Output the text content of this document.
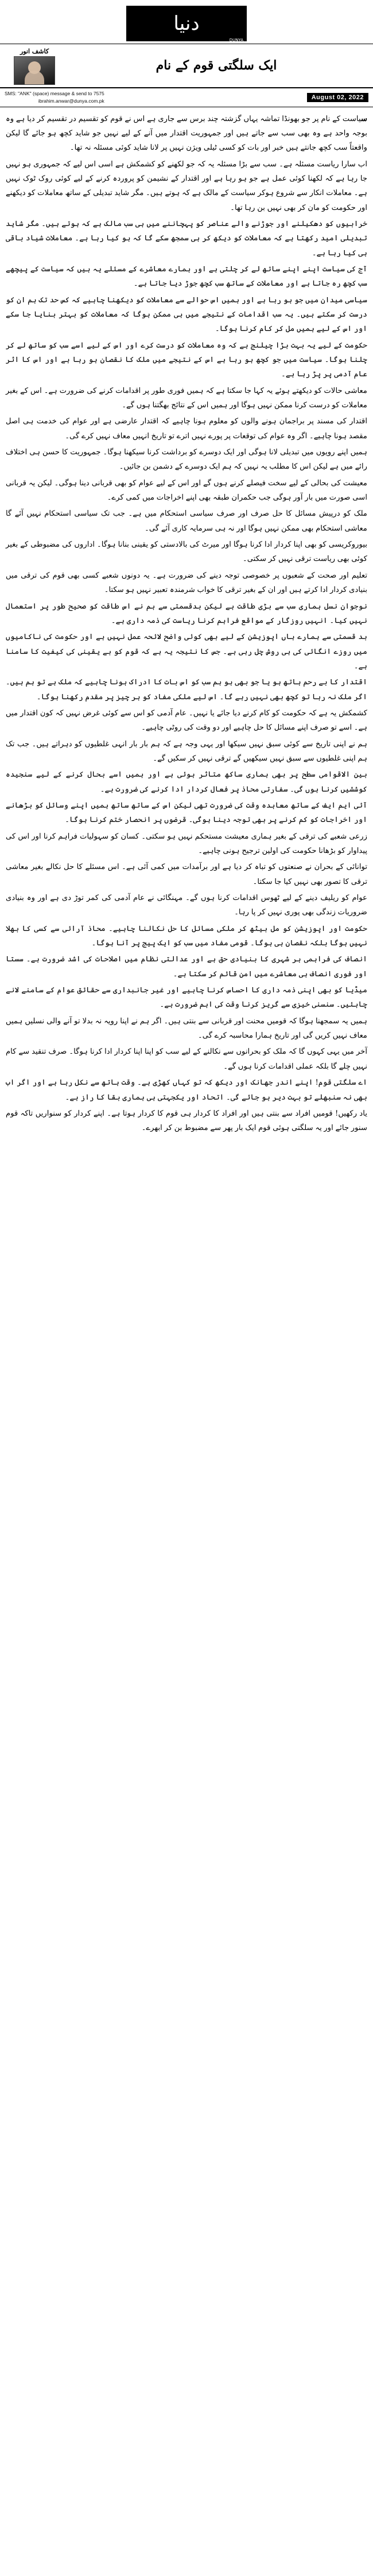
دنیا
DUNYA
ایک سلگتی قوم کے نام
کاشف انور
August 02, 2022
SMS: "ANK" (space) message & send to 7575
ibrahim.anwar@dunya.com.pk

سیاست کے نام پر جو بھونڈا تماشہ یہاں گزشتہ چند برس سے جاری ہے اس نے قوم کو تقسیم در تقسیم کر دیا ہے وہ بوجہ واحد ہے وہ بھی سب سے جاتے ہیں اور جمہوریت اقتدار میں آنے کے لیے نہیں جو شاید کچھ ہو جائے گا لیکن واقعتاً سب کچھ جانتے ہیں خبر اور بات کو کسی ٹیلی ویژن نہیں پر لانا شاید کوئی مسئلہ نہ تھا۔

اب سارا ریاست مسئلہ ہے۔ سب سے بڑا مسئلہ یہ کہ جو لکھنے کو کشمکش ہے اسی اس لیے کہ جمہوری ہو نہیں جا رہا ہے کہ لکھنا کوئی عمل ہے جو ہو رہا ہے اور اقتدار کے نشیمن کو پروردہ کرنے کے لیے کوئی روک ٹوک نہیں ہے۔ معاملات انکار سے شروع ہوکر سیاست کے مالک ہے کہ ہوتے ہیں۔ مگر شاید تبدیلی کے ساتھ معاملات کو دیکھنے اور حکومت کو مان کر بھی نہیں بن رہا تھا۔

خرابیوں کو دھکیلنے اور جوڑنے والے عناصر کو پہچاننے میں ہی سب مالک ہے کہ ہوتے ہیں۔ مگر شاید تبدیلی امید رکھتا ہے کہ معاملات کو دیکھ کر ہی سمجھ سکے گا کہ ہو کیا رہا ہے۔ معاملات شیاد باقی ہی کیا رہا ہے۔

آج کی سیاست اپنے اپنے ساتھ لے کر چلتی ہے اور ہمارے معاشرے کے مسئلے یہ ہیں کہ سیاست کے پیچھے سب کچھ رہ جاتا ہے اور معاملات کے ساتھ سب کچھ جوڑ دیا جاتا ہے۔

سیاسی میدان میں جو ہو رہا ہے اور ہمیں اس حوالے سے معاملات کو دیکھنا چاہیے کہ کس حد تک ہم ان کو درست کر سکتے ہیں۔ یہ سب اقدامات کے نتیجے میں ہی ممکن ہوگا کہ معاملات کو بہتر بنایا جا سکے اور اس کے لیے ہمیں مل کر کام کرنا ہوگا۔

حکومت کے لیے یہ بہت بڑا چیلنج ہے کہ وہ معاملات کو درست کرے اور اس کے لیے اسے سب کو ساتھ لے کر چلنا ہوگا۔ سیاست میں جو کچھ ہو رہا ہے اس کے نتیجے میں ملک کا نقصان ہو رہا ہے اور اس کا اثر عام آدمی پر پڑ رہا ہے۔

معاشی حالات کو دیکھتے ہوئے یہ کہا جا سکتا ہے کہ ہمیں فوری طور پر اقدامات کرنے کی ضرورت ہے۔ اس کے بغیر معاملات کو درست کرنا ممکن نہیں ہوگا اور ہمیں اس کے نتائج بھگتنا ہوں گے۔

اقتدار کی مسند پر براجمان ہونے والوں کو معلوم ہونا چاہیے کہ اقتدار عارضی ہے اور عوام کی خدمت ہی اصل مقصد ہونا چاہیے۔ اگر وہ عوام کی توقعات پر پورے نہیں اترے تو تاریخ انہیں معاف نہیں کرے گی۔

ہمیں اپنے رویوں میں تبدیلی لانا ہوگی اور ایک دوسرے کو برداشت کرنا سیکھنا ہوگا۔ جمہوریت کا حسن ہی اختلاف رائے میں ہے لیکن اس کا مطلب یہ نہیں کہ ہم ایک دوسرے کے دشمن بن جائیں۔

معیشت کی بحالی کے لیے سخت فیصلے کرنے ہوں گے اور اس کے لیے عوام کو بھی قربانی دینا ہوگی۔ لیکن یہ قربانی اسی صورت میں بار آور ہوگی جب حکمران طبقہ بھی اپنے اخراجات میں کمی کرے۔

ملک کو درپیش مسائل کا حل صرف اور صرف سیاسی استحکام میں ہے۔ جب تک سیاسی استحکام نہیں آئے گا معاشی استحکام بھی ممکن نہیں ہوگا اور نہ ہی سرمایہ کاری آئے گی۔

بیوروکریسی کو بھی اپنا کردار ادا کرنا ہوگا اور میرٹ کی بالادستی کو یقینی بنانا ہوگا۔ اداروں کی مضبوطی کے بغیر کوئی بھی ریاست ترقی نہیں کر سکتی۔

تعلیم اور صحت کے شعبوں پر خصوصی توجہ دینے کی ضرورت ہے۔ یہ دونوں شعبے کسی بھی قوم کی ترقی میں بنیادی کردار ادا کرتے ہیں اور ان کے بغیر ترقی کا خواب شرمندہ تعبیر نہیں ہو سکتا۔

نوجوان نسل ہماری سب سے بڑی طاقت ہے لیکن بدقسمتی سے ہم نے اس طاقت کو صحیح طور پر استعمال نہیں کیا۔ انہیں روزگار کے مواقع فراہم کرنا ریاست کی ذمہ داری ہے۔

بد قسمتی سے ہمارے ہاں اپوزیشن کے لیے بھی کوئی واضح لائحہ عمل نہیں ہے اور حکومت کی ناکامیوں میں روزے انگائی کی ہی روش چل رہی ہے۔ جس کا نتیجہ یہ ہے کہ قوم کو بے یقینی کی کیفیت کا سامنا ہے۔

اقتدار کا بے رحم ہاتھ ہو یا جو بھی ہو ہم سب کو اس بات کا ادراک ہونا چاہیے کہ ملک ہے تو ہم ہیں۔ اگر ملک نہ رہا تو کچھ بھی نہیں رہے گا۔ اس لیے ملکی مفاد کو ہر چیز پر مقدم رکھنا ہوگا۔

کشمکش یہ ہے کہ حکومت کو کام کرنے دیا جائے یا نہیں۔ عام آدمی کو اس سے کوئی غرض نہیں کہ کون اقتدار میں ہے۔ اسے تو صرف اپنے مسائل کا حل چاہیے اور دو وقت کی روٹی چاہیے۔

ہم نے اپنی تاریخ سے کوئی سبق نہیں سیکھا اور یہی وجہ ہے کہ ہم بار بار انہی غلطیوں کو دہراتے ہیں۔ جب تک ہم اپنی غلطیوں سے سبق نہیں سیکھیں گے ترقی نہیں کر سکیں گے۔

بین الاقوامی سطح پر بھی ہماری ساکھ متاثر ہوئی ہے اور ہمیں اسے بحال کرنے کے لیے سنجیدہ کوششیں کرنا ہوں گی۔ سفارتی محاذ پر فعال کردار ادا کرنے کی ضرورت ہے۔

آئی ایم ایف کے ساتھ معاہدہ وقت کی ضرورت تھی لیکن اس کے ساتھ ساتھ ہمیں اپنے وسائل کو بڑھانے اور اخراجات کو کم کرنے پر بھی توجہ دینا ہوگی۔ قرضوں پر انحصار ختم کرنا ہوگا۔

زرعی شعبے کی ترقی کے بغیر ہماری معیشت مستحکم نہیں ہو سکتی۔ کسان کو سہولیات فراہم کرنا اور اس کی پیداوار کو بڑھانا حکومت کی اولین ترجیح ہونی چاہیے۔

توانائی کے بحران نے صنعتوں کو تباہ کر دیا ہے اور برآمدات میں کمی آئی ہے۔ اس مسئلے کا حل نکالے بغیر معاشی ترقی کا تصور بھی نہیں کیا جا سکتا۔

عوام کو ریلیف دینے کے لیے ٹھوس اقدامات کرنا ہوں گے۔ مہنگائی نے عام آدمی کی کمر توڑ دی ہے اور وہ بنیادی ضروریات زندگی بھی پوری نہیں کر پا رہا۔

حکومت اور اپوزیشن کو مل بیٹھ کر ملکی مسائل کا حل نکالنا چاہیے۔ محاذ آرائی سے کسی کا بھلا نہیں ہوگا بلکہ نقصان ہی ہوگا۔ قومی مفاد میں سب کو ایک پیج پر آنا ہوگا۔

انصاف کی فراہمی ہر شہری کا بنیادی حق ہے اور عدالتی نظام میں اصلاحات کی اشد ضرورت ہے۔ سستا اور فوری انصاف ہی معاشرے میں امن قائم کر سکتا ہے۔

میڈیا کو بھی اپنی ذمہ داری کا احساس کرنا چاہیے اور غیر جانبداری سے حقائق عوام کے سامنے لانے چاہئیں۔ سنسنی خیزی سے گریز کرنا وقت کی اہم ضرورت ہے۔

ہمیں یہ سمجھنا ہوگا کہ قومیں محنت اور قربانی سے بنتی ہیں۔ اگر ہم نے اپنا رویہ نہ بدلا تو آنے والی نسلیں ہمیں معاف نہیں کریں گی اور تاریخ ہمارا محاسبہ کرے گی۔

آخر میں یہی کہوں گا کہ ملک کو بحرانوں سے نکالنے کے لیے سب کو اپنا اپنا کردار ادا کرنا ہوگا۔ صرف تنقید سے کام نہیں چلے گا بلکہ عملی اقدامات کرنا ہوں گے۔

اے سلگتی قوم! اپنے اندر جھانک اور دیکھ کہ تو کہاں کھڑی ہے۔ وقت ہاتھ سے نکل رہا ہے اور اگر اب بھی نہ سنبھلے تو بہت دیر ہو جائے گی۔ اتحاد اور یکجہتی ہی ہماری بقا کا راز ہے۔

یاد رکھیں! قومیں افراد سے بنتی ہیں اور افراد کا کردار ہی قوم کا کردار ہوتا ہے۔ اپنے کردار کو سنواریں تاکہ قوم سنور جائے اور یہ سلگتی ہوئی قوم ایک بار پھر سے مضبوط بن کر ابھرے۔
